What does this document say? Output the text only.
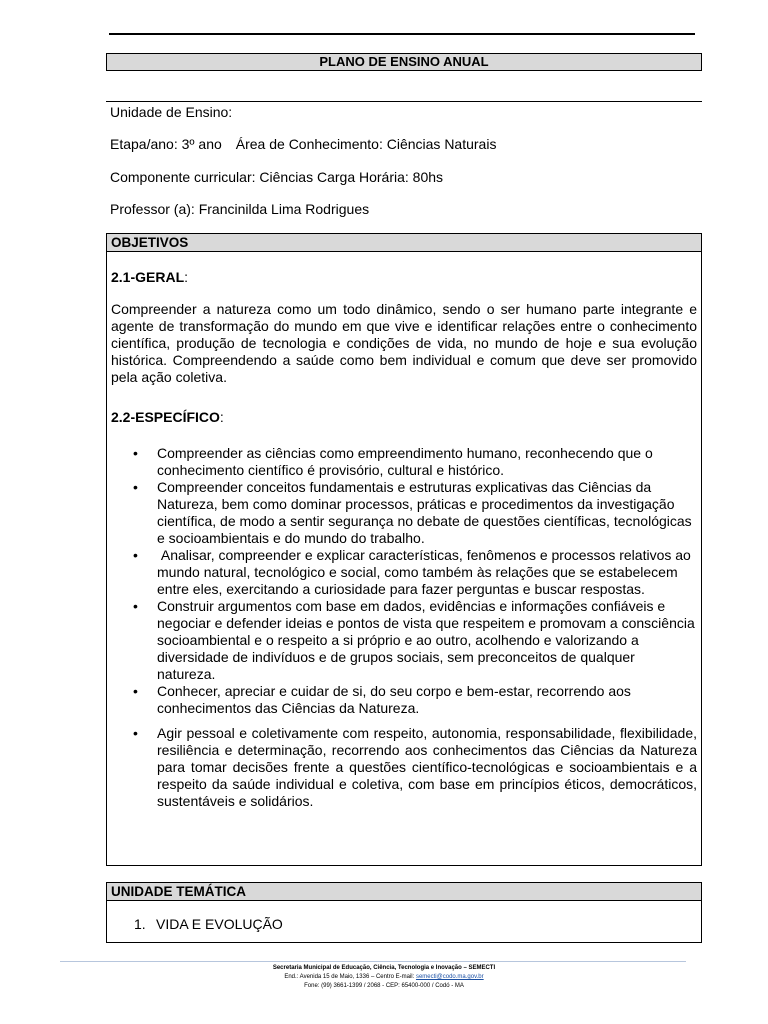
PLANO DE ENSINO ANUAL
Unidade de Ensino:
Etapa/ano: 3º ano Área de Conhecimento: Ciências Naturais
Componente curricular: Ciências Carga Horária: 80hs
Professor (a): Francinilda Lima Rodrigues
OBJETIVOS
2.1-GERAL:
Compreender a natureza como um todo dinâmico, sendo o ser humano parte integrante e agente de transformação do mundo em que vive e identificar relações entre o conhecimento científica, produção de tecnologia e condições de vida, no mundo de hoje e sua evolução histórica. Compreendendo a saúde como bem individual e comum que deve ser promovido pela ação coletiva.
2.2-ESPECÍFICO:
• Compreender as ciências como empreendimento humano, reconhecendo que o conhecimento científico é provisório, cultural e histórico.
• Compreender conceitos fundamentais e estruturas explicativas das Ciências da Natureza, bem como dominar processos, práticas e procedimentos da investigação científica, de modo a sentir segurança no debate de questões científicas, tecnológicas e socioambientais e do mundo do trabalho.
• Analisar, compreender e explicar características, fenômenos e processos relativos ao mundo natural, tecnológico e social, como também às relações que se estabelecem entre eles, exercitando a curiosidade para fazer perguntas e buscar respostas.
• Construir argumentos com base em dados, evidências e informações confiáveis e negociar e defender ideias e pontos de vista que respeitem e promovam a consciência socioambiental e o respeito a si próprio e ao outro, acolhendo e valorizando a diversidade de indivíduos e de grupos sociais, sem preconceitos de qualquer natureza.
• Conhecer, apreciar e cuidar de si, do seu corpo e bem-estar, recorrendo aos conhecimentos das Ciências da Natureza.
• Agir pessoal e coletivamente com respeito, autonomia, responsabilidade, flexibilidade, resiliência e determinação, recorrendo aos conhecimentos das Ciências da Natureza para tomar decisões frente a questões científico-tecnológicas e socioambientais e a respeito da saúde individual e coletiva, com base em princípios éticos, democráticos, sustentáveis e solidários.
UNIDADE TEMÁTICA
1. VIDA E EVOLUÇÃO
Secretaria Municipal de Educação, Ciência, Tecnologia e Inovação – SEMECTI
End.: Avenida 15 de Maio, 1336 – Centro E-mail: semecti@codo.ma.gov.br
Fone: (99) 3661-1399 / 2068 - CEP: 65400-000 / Codó - MA
